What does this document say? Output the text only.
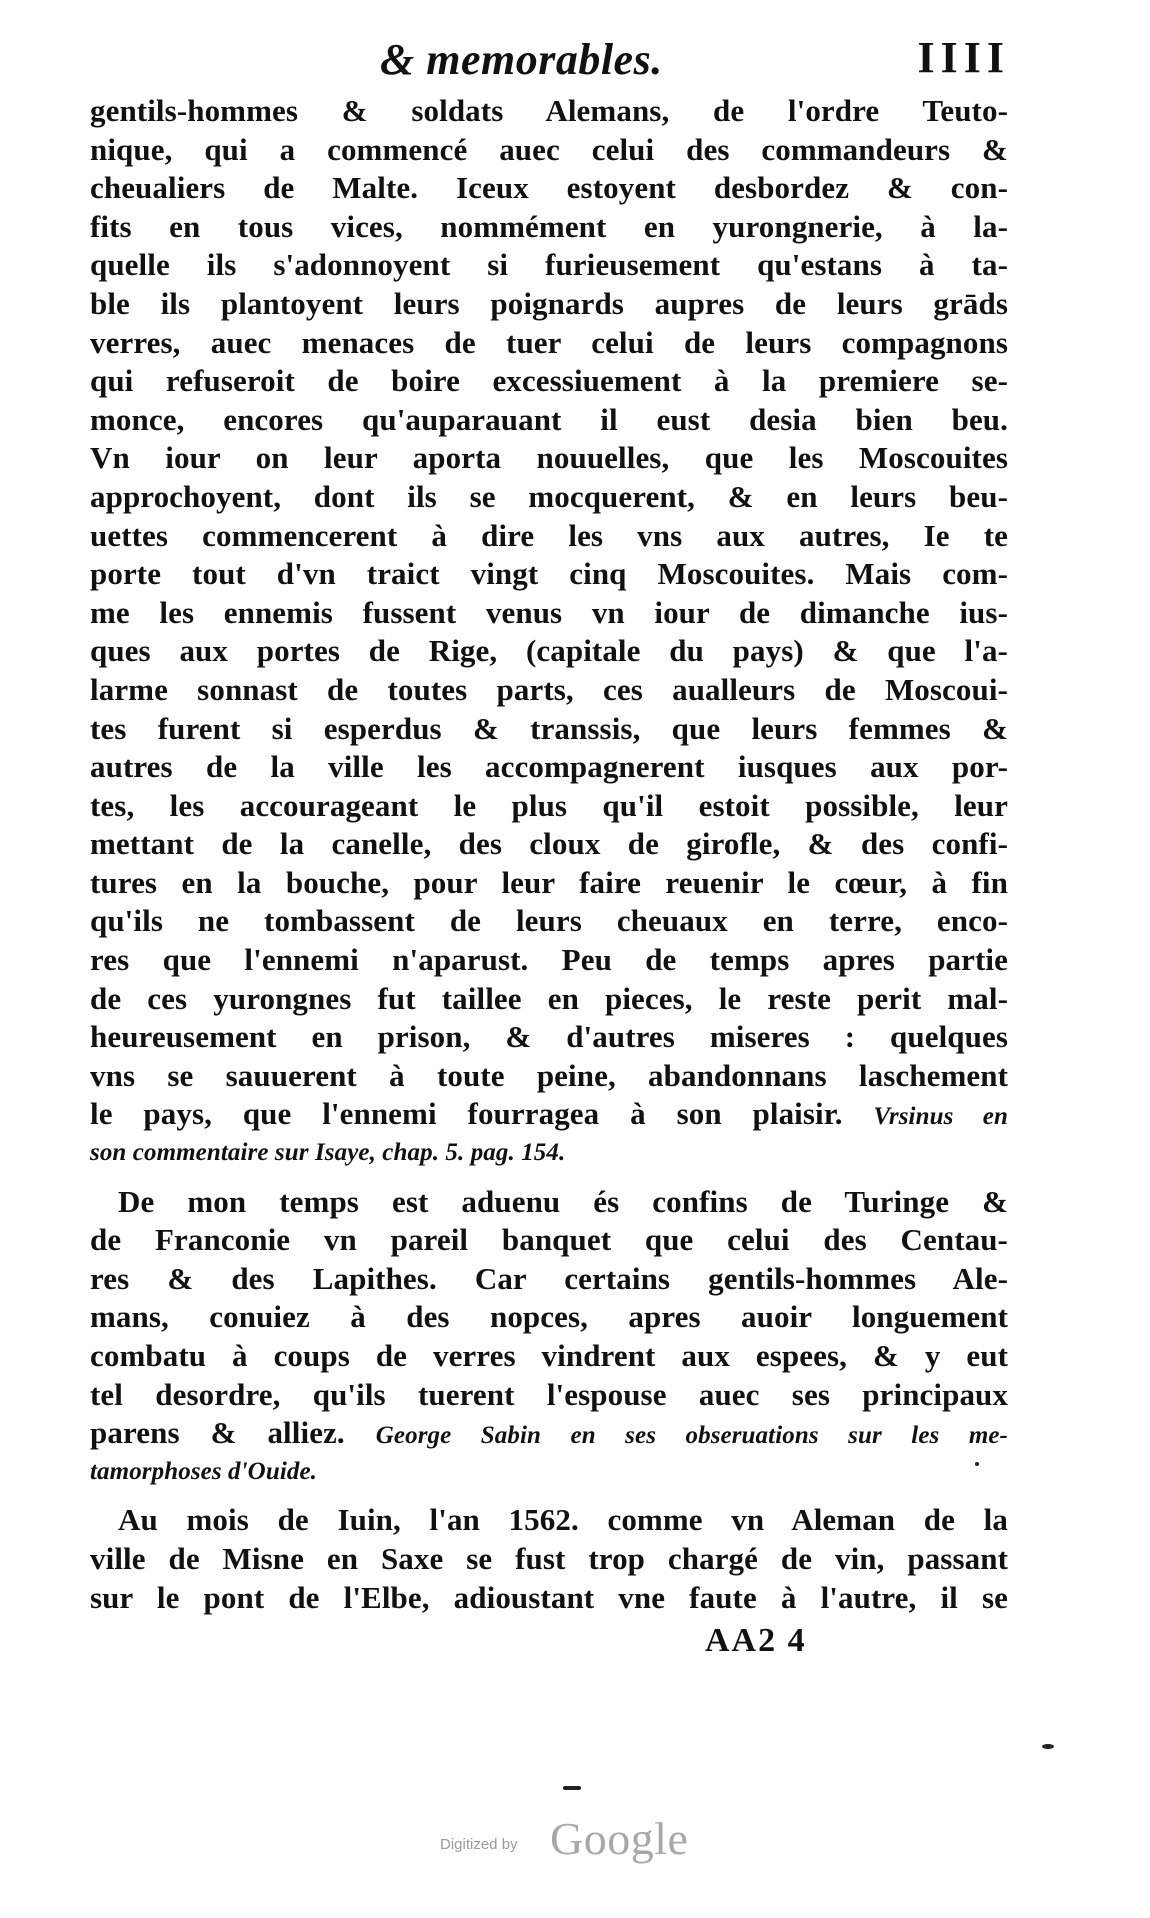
& memorables.	IIII
gentils-hommes & soldats Alemans, de l'ordre Teuto-
nique, qui a commencé auec celui des commandeurs &
cheualiers de Malte. Iceux estoyent desbordez & con-
fits en tous vices, nommément en yurongnerie, à la-
quelle ils s'adonnoyent si furieusement qu'estans à ta-
ble ils plantoyent leurs poignards aupres de leurs grāds
verres, auec menaces de tuer celui de leurs compagnons
qui refuseroit de boire excessiuement à la premiere se-
monce, encores qu'auparauant il eust desia bien beu.
Vn iour on leur aporta nouuelles, que les Moscouites
approchoyent, dont ils se mocquerent, & en leurs beu-
uettes commencerent à dire les vns aux autres, Ie te
porte tout d'vn traict vingt cinq Moscouites. Mais com-
me les ennemis fussent venus vn iour de dimanche ius-
ques aux portes de Rige, (capitale du pays) & que l'a-
larme sonnast de toutes parts, ces aualleurs de Moscoui-
tes furent si esperdus & transsis, que leurs femmes &
autres de la ville les accompagnerent iusques aux por-
tes, les accourageant le plus qu'il estoit possible, leur
mettant de la canelle, des cloux de girofle, & des confi-
tures en la bouche, pour leur faire reuenir le cœur, à fin
qu'ils ne tombassent de leurs cheuaux en terre, enco-
res que l'ennemi n'aparust. Peu de temps apres partie
de ces yurongnes fut taillee en pieces, le reste perit mal-
heureusement en prison, & d'autres miseres : quelques
vns se sauuerent à toute peine, abandonnans laschement
le pays, que l'ennemi fourragea à son plaisir. Vrsinus en
son commentaire sur Isaye, chap. 5. pag. 154.
De mon temps est aduenu és confins de Turinge &
de Franconie vn pareil banquet que celui des Centau-
res & des Lapithes. Car certains gentils-hommes Ale-
mans, conuiez à des nopces, apres auoir longuement
combatu à coups de verres vindrent aux espees, & y eut
tel desordre, qu'ils tuerent l'espouse auec ses principaux
parens & alliez. George Sabin en ses obseruations sur les me-
tamorphoses d'Ouide.
Au mois de Iuin, l'an 1562. comme vn Aleman de la
ville de Misne en Saxe se fust trop chargé de vin, passant
sur le pont de l'Elbe, adioustant vne faute à l'autre, il se
AA2 4
Digitized by Google
